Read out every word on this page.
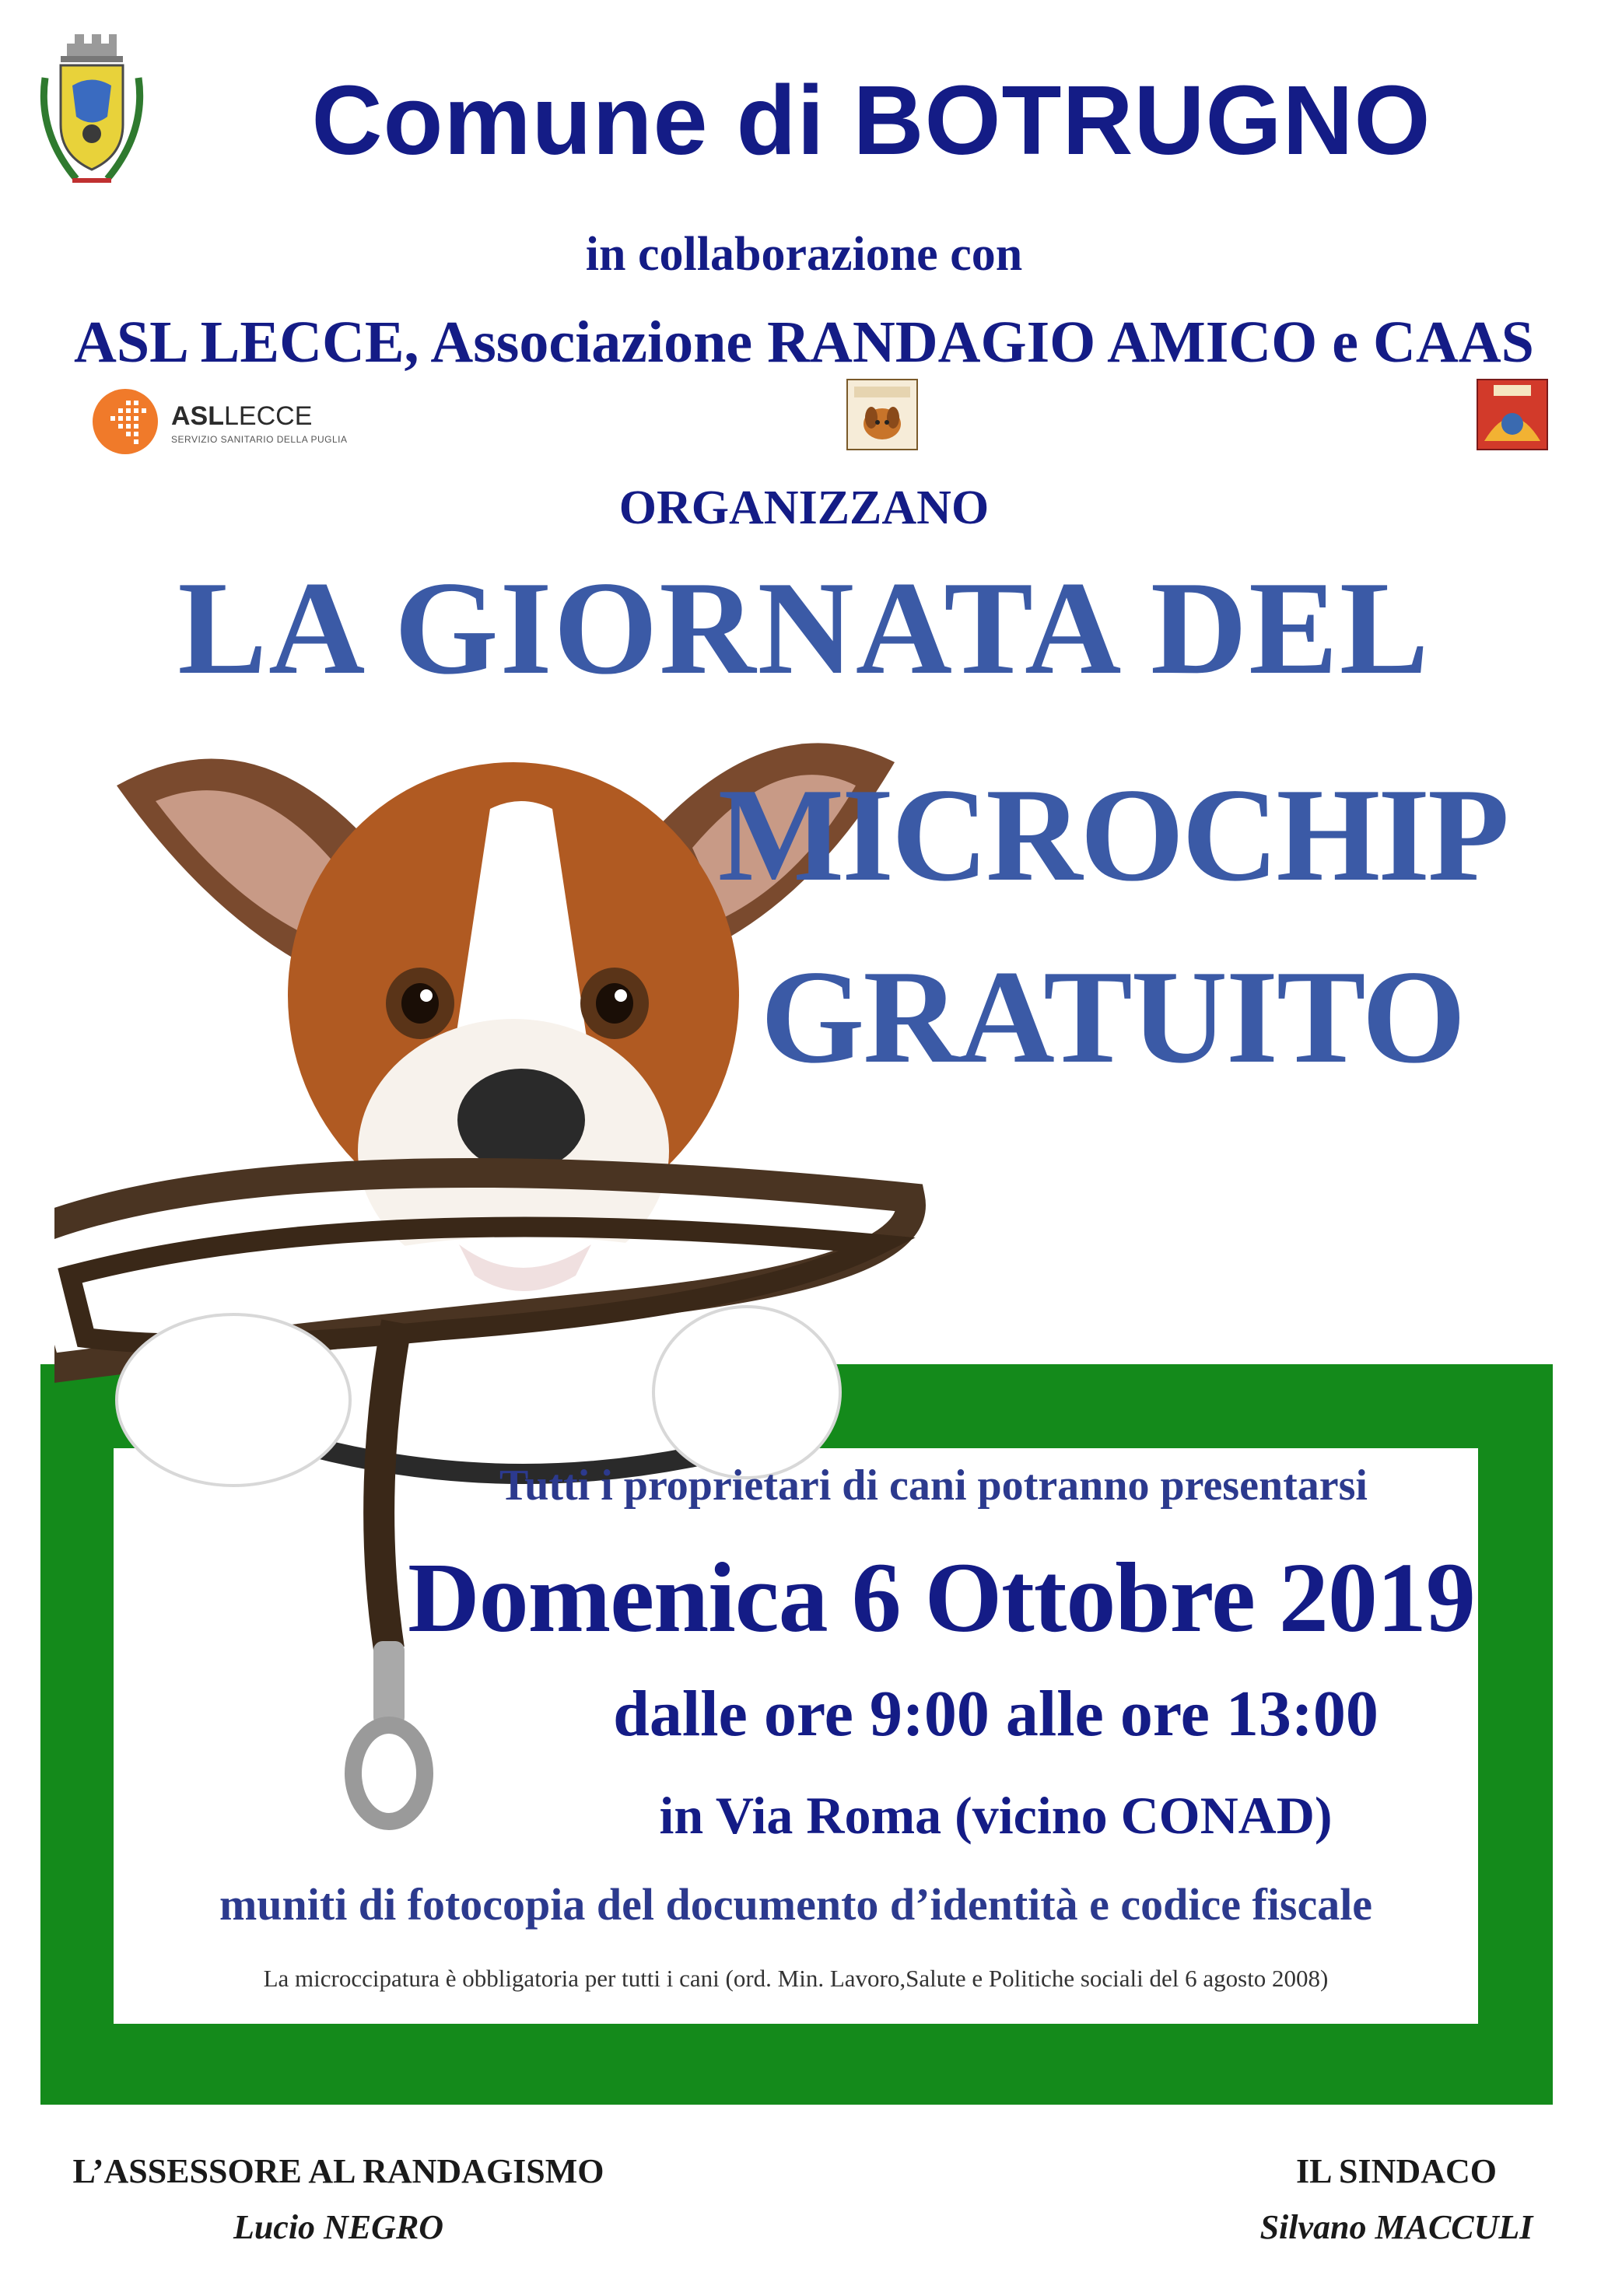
Comune di BOTRUGNO
in collaborazione con
ASL LECCE, Associazione RANDAGIO AMICO e CAAS
ASLLECCE
SERVIZIO SANITARIO DELLA PUGLIA
ORGANIZZANO
LA GIORNATA DEL
MICROCHIP
GRATUITO
Tutti i proprietari di cani potranno presentarsi
Domenica 6 Ottobre 2019
dalle ore 9:00 alle ore 13:00
in Via Roma (vicino CONAD)
muniti di fotocopia del documento d’identità e codice fiscale
La microccipatura è obbligatoria per tutti i cani (ord. Min. Lavoro,Salute e Politiche sociali del 6 agosto 2008)
L’ASSESSORE AL RANDAGISMO
Lucio NEGRO
IL SINDACO
Silvano MACCULI
